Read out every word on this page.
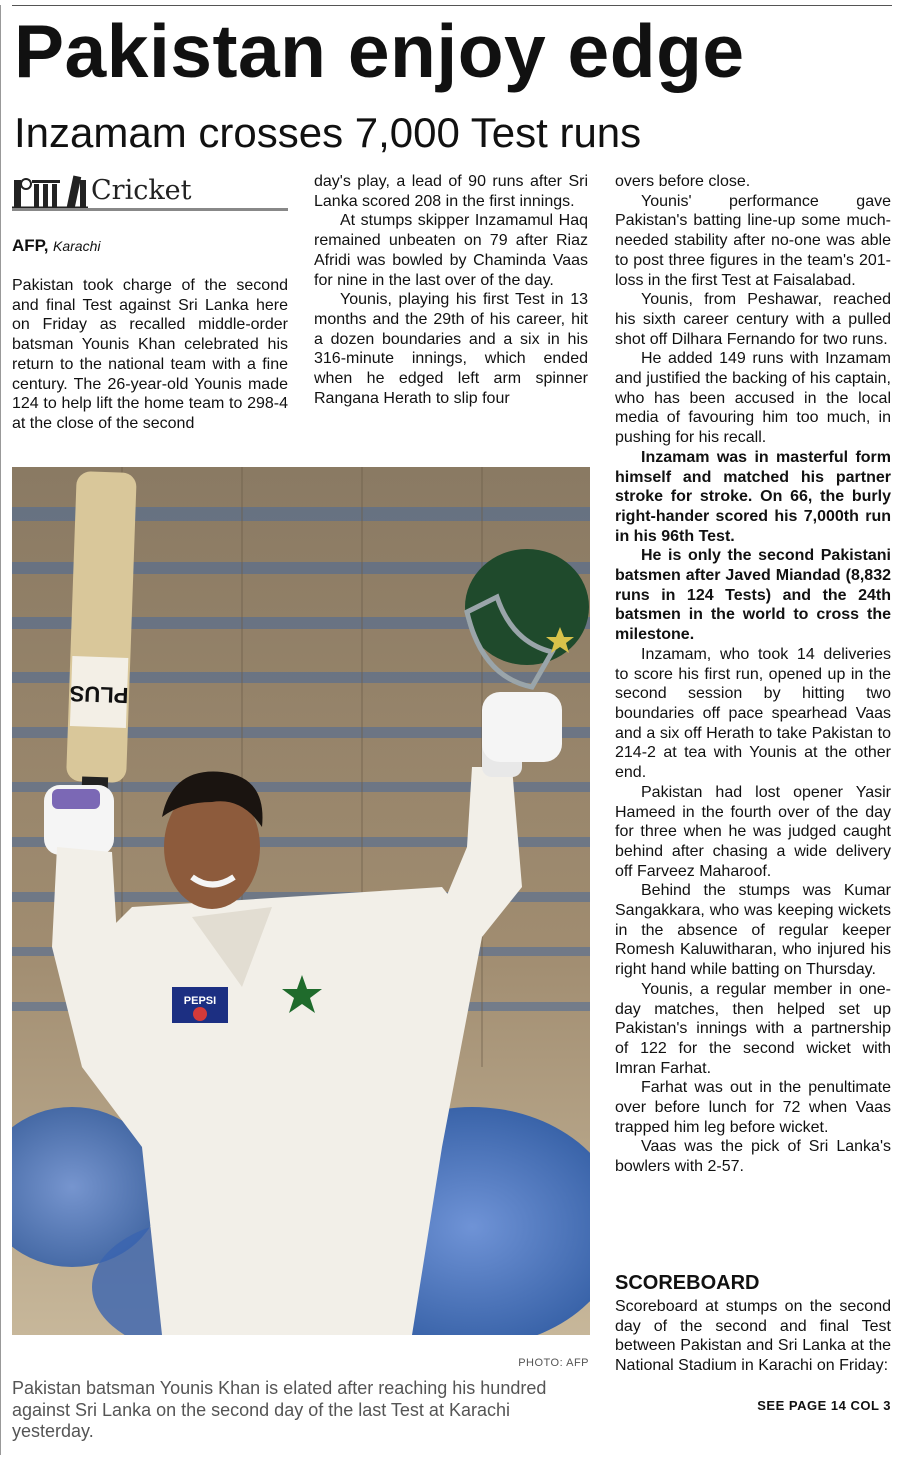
Pakistan enjoy edge
Inzamam crosses 7,000 Test runs
Cricket
AFP, Karachi

Pakistan took charge of the second and final Test against Sri Lanka here on Friday as recalled middle-order batsman Younis Khan celebrated his return to the national team with a fine century. The 26-year-old Younis made 124 to help lift the home team to 298-4 at the close of the second

day's play, a lead of 90 runs after Sri Lanka scored 208 in the first innings.

At stumps skipper Inzamamul Haq remained unbeaten on 79 after Riaz Afridi was bowled by Chaminda Vaas for nine in the last over of the day.

Younis, playing his first Test in 13 months and the 29th of his career, hit a dozen boundaries and a six in his 316-minute innings, which ended when he edged left arm spinner Rangana Herath to slip four

overs before close.

Younis' performance gave Pakistan's batting line-up some much-needed stability after no-one was able to post three figures in the team's 201-loss in the first Test at Faisalabad.

Younis, from Peshawar, reached his sixth career century with a pulled shot off Dilhara Fernando for two runs.

He added 149 runs with Inzamam and justified the backing of his captain, who has been accused in the local media of favouring him too much, in pushing for his recall.

Inzamam was in masterful form himself and matched his partner stroke for stroke. On 66, the burly right-hander scored his 7,000th run in his 96th Test.

He is only the second Pakistani batsmen after Javed Miandad (8,832 runs in 124 Tests) and the 24th batsmen in the world to cross the milestone.

Inzamam, who took 14 deliveries to score his first run, opened up in the second session by hitting two boundaries off pace spearhead Vaas and a six off Herath to take Pakistan to 214-2 at tea with Younis at the other end.

Pakistan had lost opener Yasir Hameed in the fourth over of the day for three when he was judged caught behind after chasing a wide delivery off Farveez Maharoof.

Behind the stumps was Kumar Sangakkara, who was keeping wickets in the absence of regular keeper Romesh Kaluwitharan, who injured his right hand while batting on Thursday.

Younis, a regular member in one-day matches, then helped set up Pakistan's innings with a partnership of 122 for the second wicket with Imran Farhat.

Farhat was out in the penultimate over before lunch for 72 when Vaas trapped him leg before wicket.

Vaas was the pick of Sri Lanka's bowlers with 2-57.

PLUS
PEPSI
PHOTO: AFP
Pakistan batsman Younis Khan is elated after reaching his hundred against Sri Lanka on the second day of the last Test at Karachi yesterday.
SCOREBOARD

Scoreboard at stumps on the second day of the second and final Test between Pakistan and Sri Lanka at the National Stadium in Karachi on Friday:

SEE PAGE 14 COL 3
